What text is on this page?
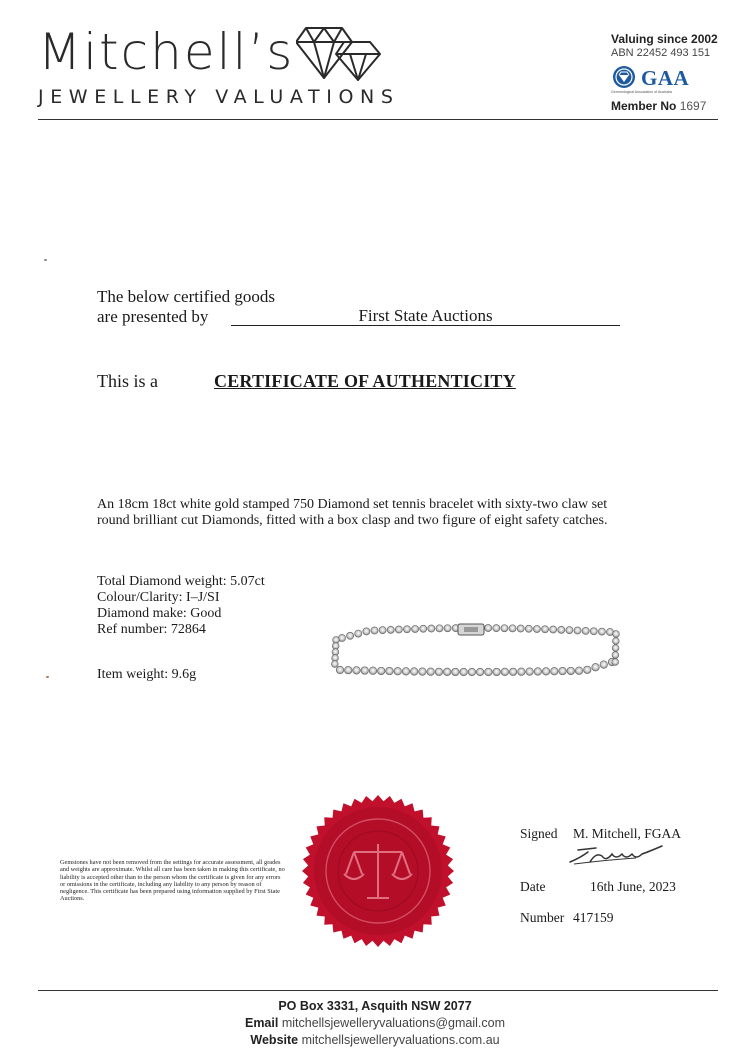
Mitchell’s
JEWELLERY VALUATIONS
Valuing since 2002
ABN 22452 493 151
GAA
Gemmological Association of Australia
Member No 1697
The below certified goods
are presented by	First State Auctions
This is a	CERTIFICATE OF AUTHENTICITY
An 18cm 18ct white gold stamped 750 Diamond set tennis bracelet with sixty-two claw set round brilliant cut Diamonds, fitted with a box clasp and two figure of eight safety catches.
Total Diamond weight: 5.07ct
Colour/Clarity: I–J/SI
Diamond make: Good
Ref number: 72864
Item weight: 9.6g
Gemstones have not been removed from the settings for accurate assessment, all grades and weights are approximate. Whilst all care has been taken in making this certificate, no liability is accepted other than to the person whom the certificate is given for any errors or omissions in the certificate, including any liability to any person by reason of negligence. This certificate has been prepared using information supplied by First State Auctions.
Signed M. Mitchell, FGAA
Date	16th June, 2023
Number 417159
PO Box 3331, Asquith NSW 2077
Email mitchellsjewelleryvaluations@gmail.com
Website mitchellsjewelleryvaluations.com.au
